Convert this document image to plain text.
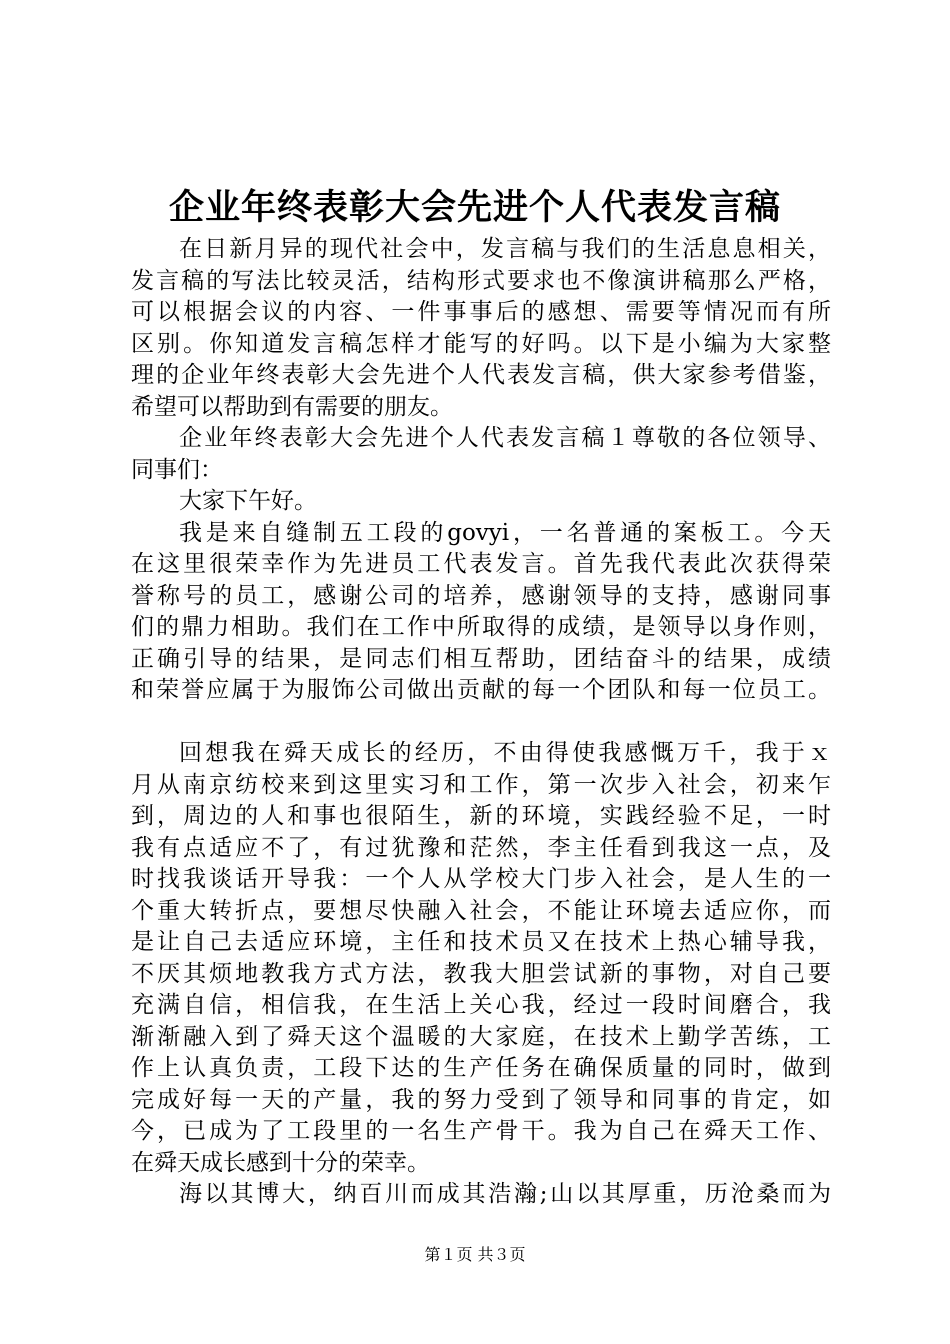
企业年终表彰大会先进个人代表发言稿
在日新月异的现代社会中，发言稿与我们的生活息息相关，
发言稿的写法比较灵活，结构形式要求也不像演讲稿那么严格，
可以根据会议的内容、一件事事后的感想、需要等情况而有所
区别。你知道发言稿怎样才能写的好吗。以下是小编为大家整
理的企业年终表彰大会先进个人代表发言稿，供大家参考借鉴，
希望可以帮助到有需要的朋友。
企业年终表彰大会先进个人代表发言稿１尊敬的各位领导、
同事们：
大家下午好。
我是来自缝制五工段的govyi，一名普通的案板工。今天
在这里很荣幸作为先进员工代表发言。首先我代表此次获得荣
誉称号的员工，感谢公司的培养，感谢领导的支持，感谢同事
们的鼎力相助。我们在工作中所取得的成绩，是领导以身作则，
正确引导的结果，是同志们相互帮助，团结奋斗的结果，成绩
和荣誉应属于为服饰公司做出贡献的每一个团队和每一位员工。
回想我在舜天成长的经历，不由得使我感慨万千，我于ｘ
月从南京纺校来到这里实习和工作，第一次步入社会，初来乍
到，周边的人和事也很陌生，新的环境，实践经验不足，一时
我有点适应不了，有过犹豫和茫然，李主任看到我这一点，及
时找我谈话开导我：一个人从学校大门步入社会，是人生的一
个重大转折点，要想尽快融入社会，不能让环境去适应你，而
是让自己去适应环境，主任和技术员又在技术上热心辅导我，
不厌其烦地教我方式方法，教我大胆尝试新的事物，对自己要
充满自信，相信我，在生活上关心我，经过一段时间磨合，我
渐渐融入到了舜天这个温暖的大家庭，在技术上勤学苦练，工
作上认真负责，工段下达的生产任务在确保质量的同时，做到
完成好每一天的产量，我的努力受到了领导和同事的肯定，如
今，已成为了工段里的一名生产骨干。我为自己在舜天工作、
在舜天成长感到十分的荣幸。
海以其博大，纳百川而成其浩瀚;山以其厚重，历沧桑而为
第１页 共３页
